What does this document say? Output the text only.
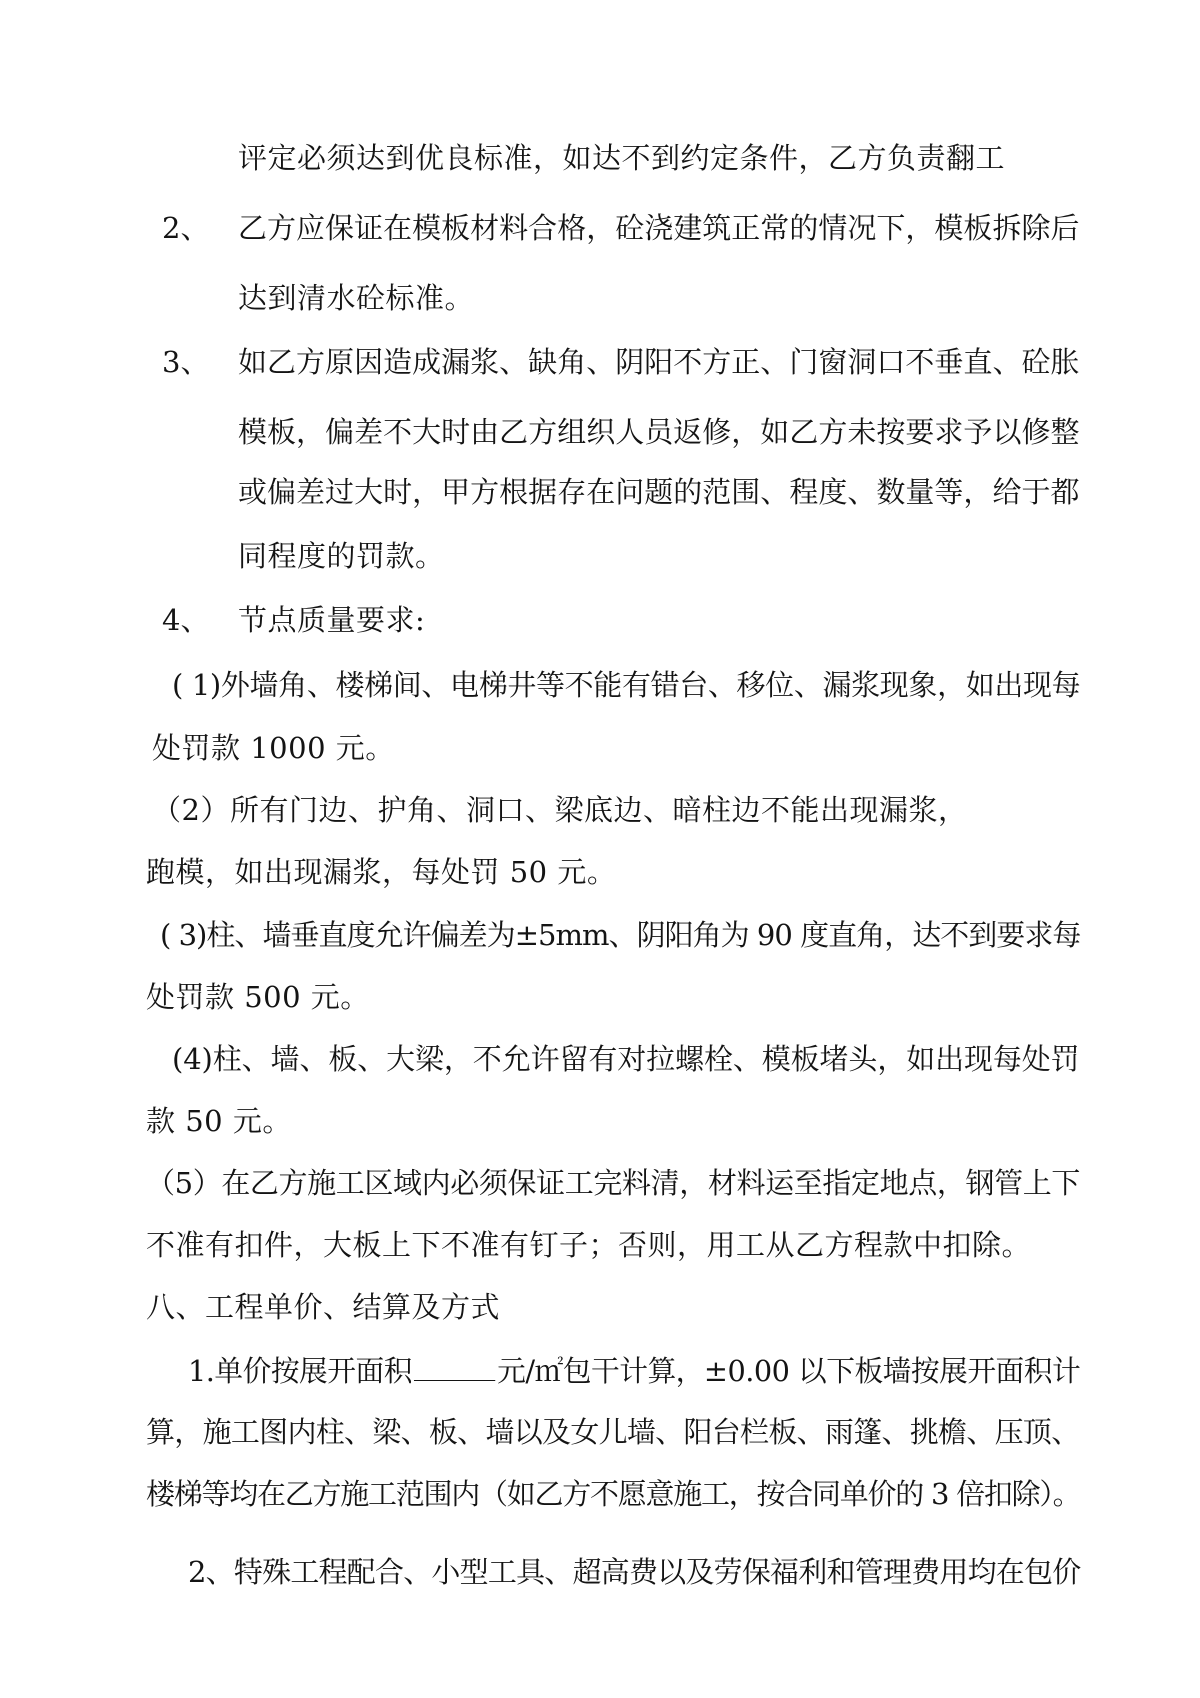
评定必须达到优良标准，如达不到约定条件，乙方负责翻工
2、 乙方应保证在模板材料合格，砼浇建筑正常的情况下，模板拆除后
达到清水砼标准。
3、 如乙方原因造成漏浆、缺角、阴阳不方正、门窗洞口不垂直、砼胀
模板，偏差不大时由乙方组织人员返修，如乙方未按要求予以修整
或偏差过大时，甲方根据存在问题的范围、程度、数量等，给于都
同程度的罚款。
4、 节点质量要求:
( 1)外墙角、楼梯间、电梯井等不能有错台、移位、漏浆现象，如出现每
处罚款 1000 元。
（2）所有门边、护角、洞口、梁底边、暗柱边不能出现漏浆，
跑模，如出现漏浆，每处罚 50 元。
( 3)柱、墙垂直度允许偏差为±5mm、阴阳角为 90 度直角，达不到要求每
处罚款 500 元。
(4)柱、墙、板、大梁，不允许留有对拉螺栓、模板堵头，如出现每处罚
款 50 元。
（5）在乙方施工区域内必须保证工完料清，材料运至指定地点，钢管上下
不准有扣件，大板上下不准有钉子；否则，用工从乙方程款中扣除。
八、工程单价、结算及方式
1.单价按展开面积	元/㎡包干计算，±0.00 以下板墙按展开面积计
算，施工图内柱、梁、板、墙以及女儿墙、阳台栏板、雨篷、挑檐、压顶、
楼梯等均在乙方施工范围内（如乙方不愿意施工，按合同单价的 3 倍扣除）。
2、特殊工程配合、小型工具、超高费以及劳保福利和管理费用均在包价
